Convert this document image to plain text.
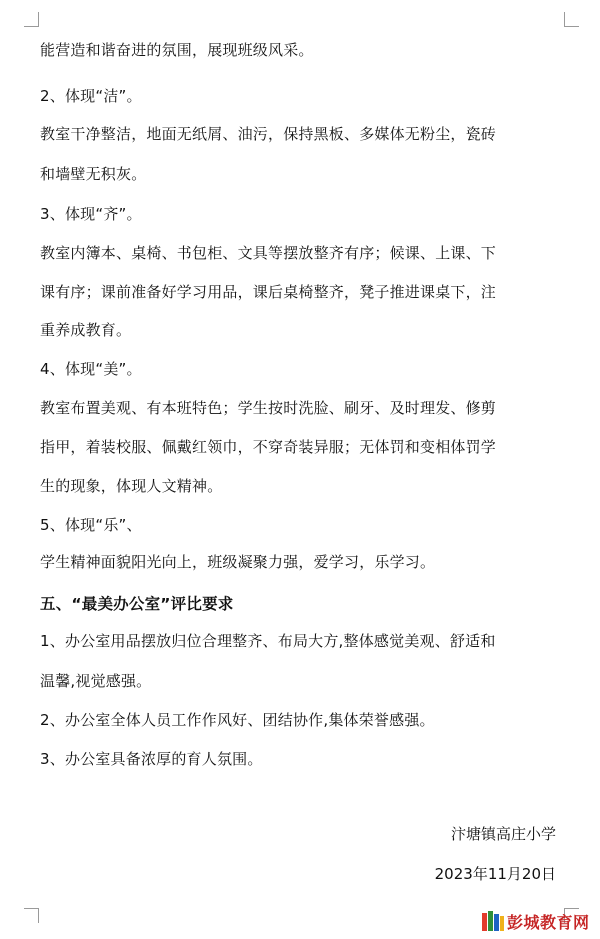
能营造和谐奋进的氛围，展现班级风采。
2、体现“洁”。
教室干净整洁，地面无纸屑、油污，保持黑板、多媒体无粉尘，瓷砖
和墙壁无积灰。
3、体现“齐”。
教室内簿本、桌椅、书包柜、文具等摆放整齐有序；候课、上课、下
课有序；课前准备好学习用品，课后桌椅整齐，凳子推进课桌下，注
重养成教育。
4、体现“美”。
教室布置美观、有本班特色；学生按时洗脸、刷牙、及时理发、修剪
指甲，着装校服、佩戴红领巾，不穿奇装异服；无体罚和变相体罚学
生的现象，体现人文精神。
5、体现“乐”、
学生精神面貌阳光向上，班级凝聚力强，爱学习，乐学习。
五、“最美办公室”评比要求
1、办公室用品摆放归位合理整齐、布局大方,整体感觉美观、舒适和
温馨,视觉感强。
2、办公室全体人员工作作风好、团结协作,集体荣誉感强。
3、办公室具备浓厚的育人氛围。
汴塘镇高庄小学
2023年11月20日
彭城教育网
